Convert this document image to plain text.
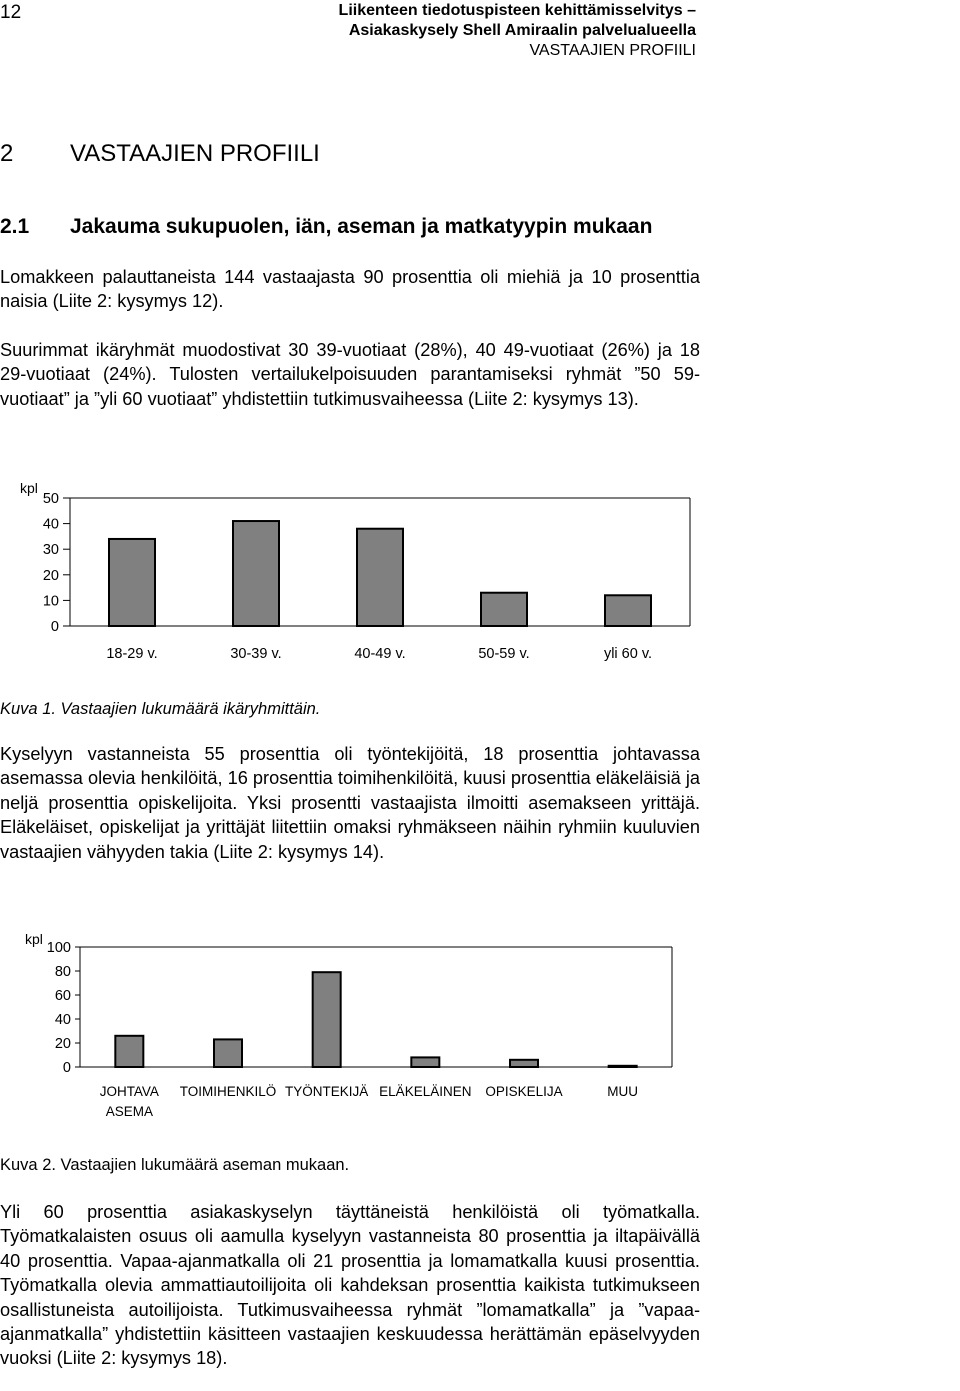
12	Liikenteen tiedotuspisteen kehittämisselvitys –
Asiakaskysely Shell Amiraalin palvelualueella
VASTAAJIEN PROFIILI
2 VASTAAJIEN PROFIILI
2.1 Jakauma sukupuolen, iän, aseman ja matkatyypin mukaan

Lomakkeen palauttaneista 144 vastaajasta 90 prosenttia oli miehiä ja 10 prosenttia naisia (Liite 2: kysymys 12).

Suurimmat ikäryhmät muodostivat 30 39-vuotiaat (28%), 40 49-vuotiaat (26%) ja 18 29-vuotiaat (24%). Tulosten vertailukelpoisuuden parantamiseksi ryhmät ”50 59-vuotiaat” ja ”yli 60 vuotiaat” yhdistettiin tutkimusvaiheessa (Liite 2: kysymys 13).

kpl
0
10
20
30
40
50
18-29 v.	30-39 v.	40-49 v.	50-59 v.	yli 60 v.
Kuva 1. Vastaajien lukumäärä ikäryhmittäin.

Kyselyyn vastanneista 55 prosenttia oli työntekijöitä, 18 prosenttia johtavassa asemassa olevia henkilöitä, 16 prosenttia toimihenkilöitä, kuusi prosenttia eläkeläisiä ja neljä prosenttia opiskelijoita. Yksi prosentti vastaajista ilmoitti asemakseen yrittäjä. Eläkeläiset, opiskelijat ja yrittäjät liitettiin omaksi ryhmäkseen näihin ryhmiin kuuluvien vastaajien vähyyden takia (Liite 2: kysymys 14).

kpl
0
20
40
60
80
100
JOHTAVA
ASEMA
TOIMIHENKILÖ TYÖNTEKIJÄ ELÄKELÄINEN OPISKELIJA	MUU
Kuva 2. Vastaajien lukumäärä aseman mukaan.

Yli 60 prosenttia asiakaskyselyn täyttäneistä henkilöistä oli työmatkalla. Työmatkalaisten osuus oli aamulla kyselyyn vastanneista 80 prosenttia ja iltapäivällä 40 prosenttia. Vapaa-ajanmatkalla oli 21 prosenttia ja lomamatkalla kuusi prosenttia. Työmatkalla olevia ammattiautoilijoita oli kahdeksan prosenttia kaikista tutkimukseen osallistuneista autoilijoista. Tutkimusvaiheessa ryhmät ”lomamatkalla” ja ”vapaa-ajanmatkalla” yhdistettiin käsitteen vastaajien keskuudessa herättämän epäselvyyden vuoksi (Liite 2: kysymys 18).
